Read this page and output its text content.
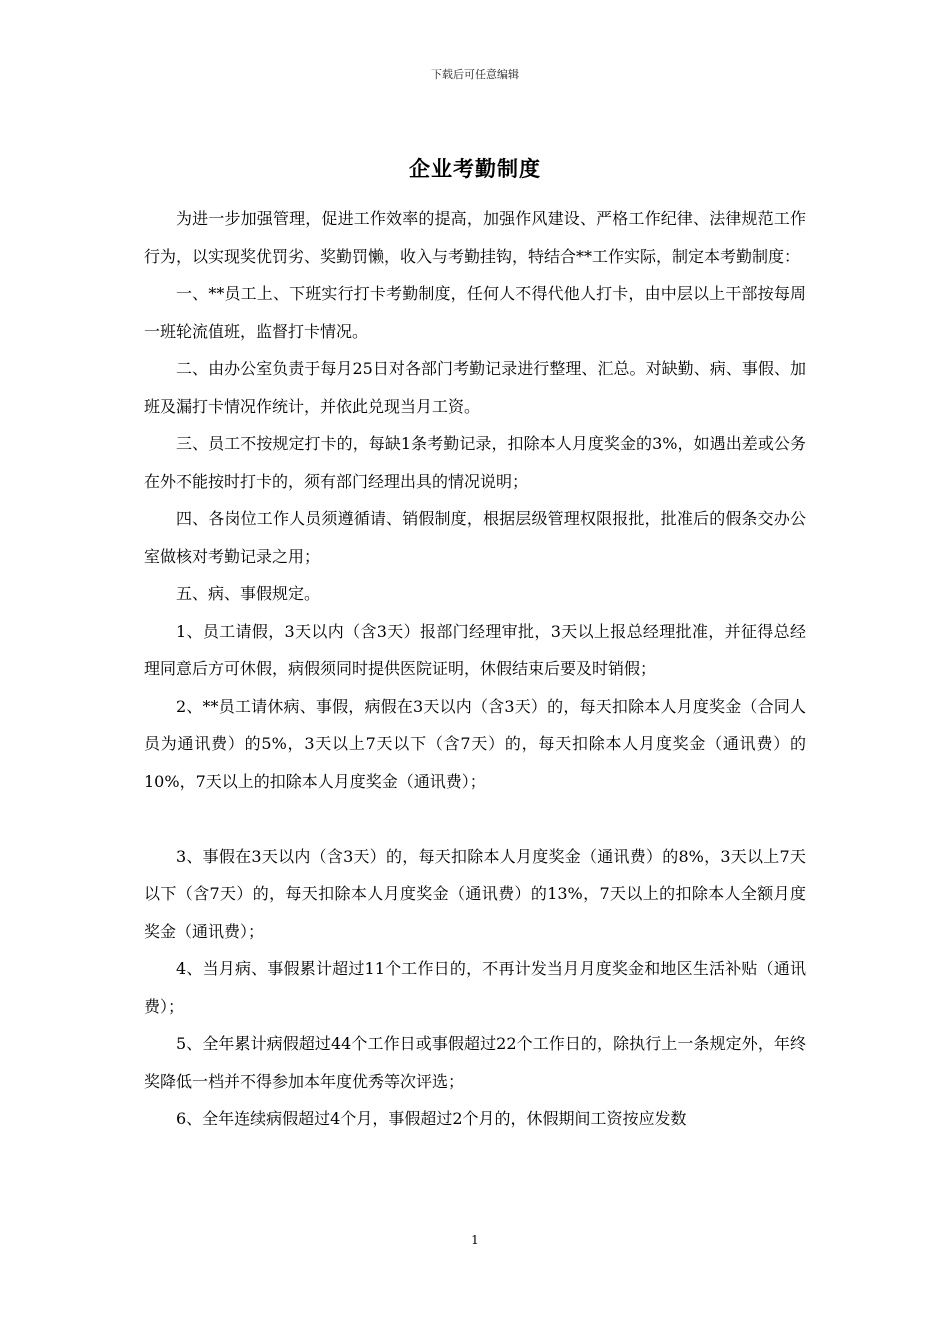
下载后可任意编辑
企业考勤制度

为进一步加强管理，促进工作效率的提高，加强作风建设、严格工作纪律、法律规范工作行为，以实现奖优罚劣、奖勤罚懒，收入与考勤挂钩，特结合**工作实际，制定本考勤制度：

一、**员工上、下班实行打卡考勤制度，任何人不得代他人打卡，由中层以上干部按每周一班轮流值班，监督打卡情况。

二、由办公室负责于每月25日对各部门考勤记录进行整理、汇总。对缺勤、病、事假、加班及漏打卡情况作统计，并依此兑现当月工资。

三、员工不按规定打卡的，每缺1条考勤记录，扣除本人月度奖金的3%，如遇出差或公务在外不能按时打卡的，须有部门经理出具的情况说明；

四、各岗位工作人员须遵循请、销假制度，根据层级管理权限报批，批准后的假条交办公室做核对考勤记录之用；

五、病、事假规定。

1、员工请假，3天以内（含3天）报部门经理审批，3天以上报总经理批准，并征得总经理同意后方可休假，病假须同时提供医院证明，休假结束后要及时销假；

2、**员工请休病、事假，病假在3天以内（含3天）的，每天扣除本人月度奖金（合同人员为通讯费）的5%，3天以上7天以下（含7天）的，每天扣除本人月度奖金（通讯费）的10%，7天以上的扣除本人月度奖金（通讯费）；

3、事假在3天以内（含3天）的，每天扣除本人月度奖金（通讯费）的8%，3天以上7天以下（含7天）的，每天扣除本人月度奖金（通讯费）的13%，7天以上的扣除本人全额月度奖金（通讯费）；

4、当月病、事假累计超过11个工作日的，不再计发当月月度奖金和地区生活补贴（通讯费）；

5、全年累计病假超过44个工作日或事假超过22个工作日的，除执行上一条规定外，年终奖降低一档并不得参加本年度优秀等次评选；

6、全年连续病假超过4个月，事假超过2个月的，休假期间工资按应发数

1
